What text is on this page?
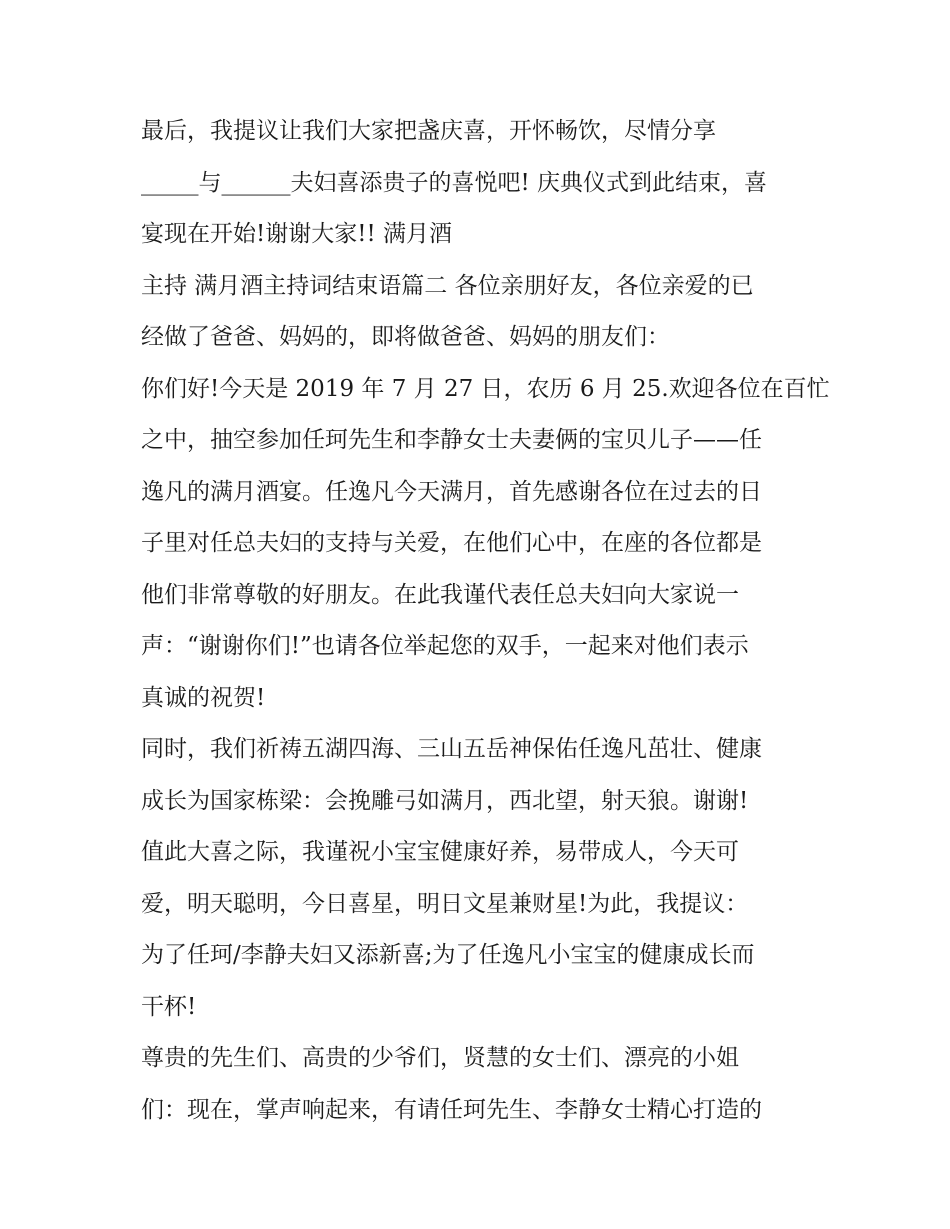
最后，我提议让我们大家把盏庆喜，开怀畅饮，尽情分享
_____与______夫妇喜添贵子的喜悦吧! 庆典仪式到此结束，喜
宴现在开始!谢谢大家!! 满月酒
主持 满月酒主持词结束语篇二 各位亲朋好友，各位亲爱的已
经做了爸爸、妈妈的，即将做爸爸、妈妈的朋友们：
你们好!今天是 2019 年 7 月 27 日，农历 6 月 25.欢迎各位在百忙
之中，抽空参加任珂先生和李静女士夫妻俩的宝贝儿子——任
逸凡的满月酒宴。任逸凡今天满月，首先感谢各位在过去的日
子里对任总夫妇的支持与关爱，在他们心中，在座的各位都是
他们非常尊敬的好朋友。在此我谨代表任总夫妇向大家说一
声：“谢谢你们!”也请各位举起您的双手，一起来对他们表示
真诚的祝贺!
同时，我们祈祷五湖四海、三山五岳神保佑任逸凡茁壮、健康
成长为国家栋梁：会挽雕弓如满月，西北望，射天狼。谢谢!
值此大喜之际，我谨祝小宝宝健康好养，易带成人，今天可
爱，明天聪明，今日喜星，明日文星兼财星!为此，我提议：
为了任珂/李静夫妇又添新喜;为了任逸凡小宝宝的健康成长而
干杯!
尊贵的先生们、高贵的少爷们，贤慧的女士们、漂亮的小姐
们：现在，掌声响起来，有请任珂先生、李静女士精心打造的
